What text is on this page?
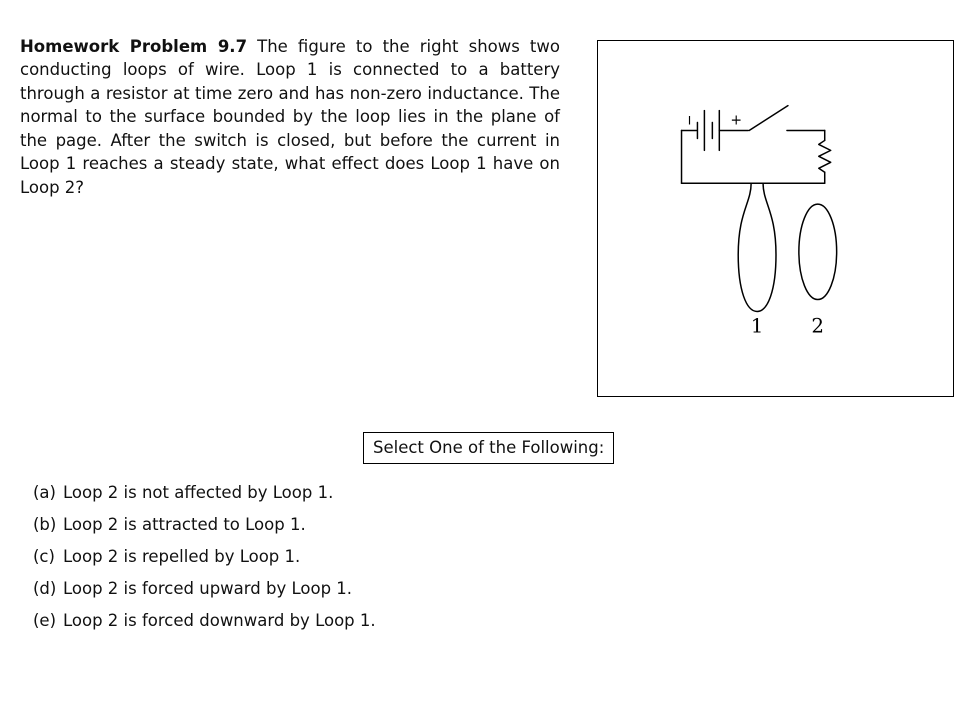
Homework Problem 9.7 The figure to the right shows two conducting loops of wire. Loop 1 is connected to a battery through a resistor at time zero and has non-zero inductance. The normal to the surface bounded by the loop lies in the plane of the page. After the switch is closed, but before the current in Loop 1 reaches a steady state, what effect does Loop 1 have on Loop 2?

I	+
1 2
Select One of the Following:
(a) Loop 2 is not affected by Loop 1.
(b) Loop 2 is attracted to Loop 1.
(c) Loop 2 is repelled by Loop 1.
(d) Loop 2 is forced upward by Loop 1.
(e) Loop 2 is forced downward by Loop 1.
